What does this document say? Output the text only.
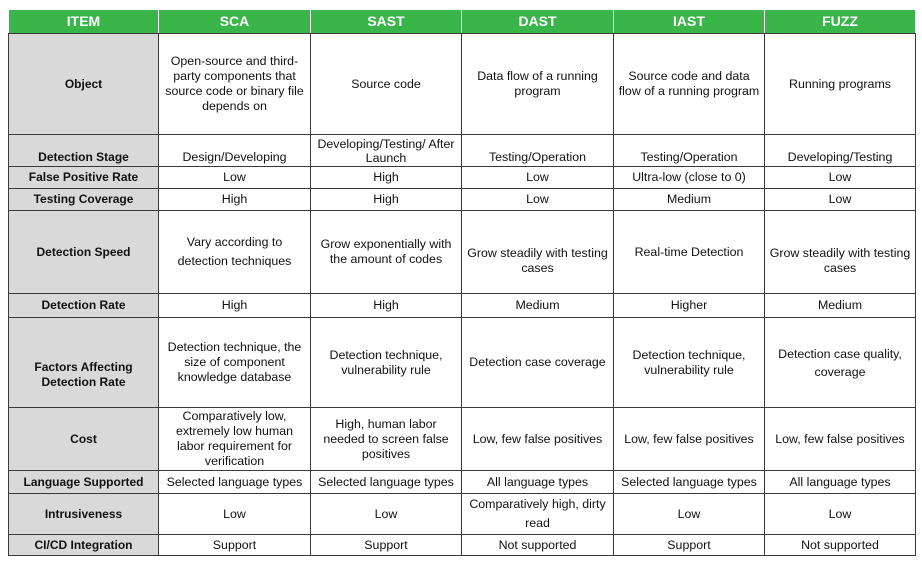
ITEM	SCA	SAST	DAST	IAST	FUZZ
Object	Open-source and third-party components that source code or binary file depends on	Source code	Data flow of a running program	Source code and data flow of a running program	Running programs
Detection Stage	Design/Developing	Developing/Testing/ After Launch	Testing/Operation	Testing/Operation	Developing/Testing
False Positive Rate	Low	High	Low	Ultra-low (close to 0)	Low
Testing Coverage	High	High	Low	Medium	Low
Detection Speed	Vary according to detection techniques	Grow exponentially with the amount of codes	Grow steadily with testing cases	Real-time Detection	Grow steadily with testing cases
Detection Rate	High	High	Medium	Higher	Medium
Factors Affecting Detection Rate	Detection technique, the size of component knowledge database	Detection technique, vulnerability rule	Detection case coverage	Detection technique, vulnerability rule	Detection case quality, coverage
Cost	Comparatively low, extremely low human labor requirement for verification	High, human labor needed to screen false positives	Low, few false positives	Low, few false positives	Low, few false positives
Language Supported	Selected language types	Selected language types	All language types	Selected language types	All language types
Intrusiveness	Low	Low	Comparatively high, dirty read	Low	Low
CI/CD Integration	Support	Support	Not supported	Support	Not supported
